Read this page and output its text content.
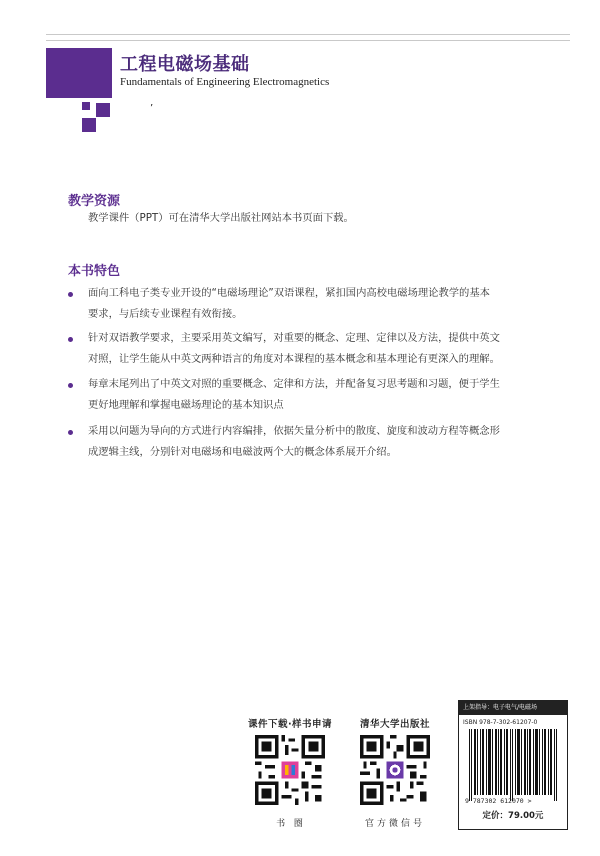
工程电磁场基础
Fundamentals of Engineering Electromagnetics
’
教学资源
教学课件（PPT）可在清华大学出版社网站本书页面下载。
本书特色
面向工科电子类专业开设的“电磁场理论”双语课程，紧扣国内高校电磁场理论教学的基本
要求，与后续专业课程有效衔接。
针对双语教学要求，主要采用英文编写，对重要的概念、定理、定律以及方法，提供中英文
对照，让学生能从中英文两种语言的角度对本课程的基本概念和基本理论有更深入的理解。
每章末尾列出了中英文对照的重要概念、定律和方法，并配备复习思考题和习题，便于学生
更好地理解和掌握电磁场理论的基本知识点
采用以问题为导向的方式进行内容编排，依据矢量分析中的散度、旋度和波动方程等概念形
成逻辑主线，分别针对电磁场和电磁波两个大的概念体系展开介绍。
课件下载·样书申请
书 圈
清华大学出版社
官方微信号
上架指导：电子电气/电磁场
ISBN 978-7-302-61207-0
9 787302 612070 >
定价：79.00元
